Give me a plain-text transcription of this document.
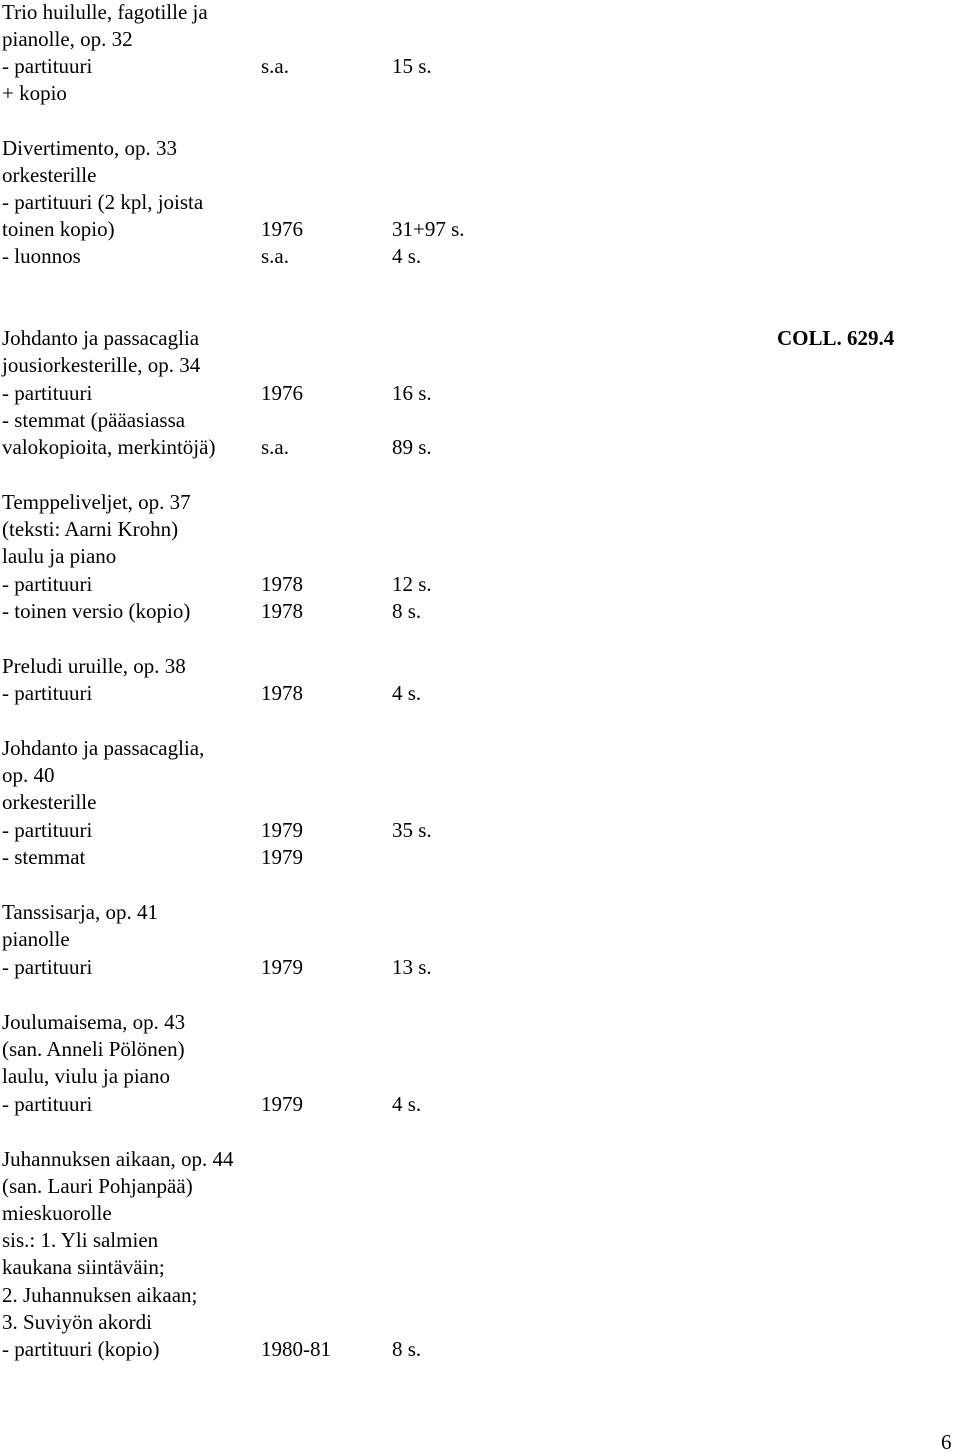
Trio huilulle, fagotille ja
pianolle, op. 32
- partituuri	s.a.	15 s.
+ kopio
Divertimento, op. 33
orkesterille
- partituuri (2 kpl, joista
toinen kopio)	1976	31+97 s.
- luonnos	s.a.	4 s.
Johdanto ja passacaglia
jousiorkesterille, op. 34
- partituuri	1976	16 s.
- stemmat (pääasiassa
valokopioita, merkintöjä) s.a.	89 s.
Temppeliveljet, op. 37
(teksti: Aarni Krohn)
laulu ja piano
- partituuri	1978	12 s.
- toinen versio (kopio)	1978	8 s.
Preludi uruille, op. 38
- partituuri	1978	4 s.
Johdanto ja passacaglia,
op. 40
orkesterille
- partituuri	1979	35 s.
- stemmat	1979
Tanssisarja, op. 41
pianolle
- partituuri	1979	13 s.
Joulumaisema, op. 43
(san. Anneli Pölönen)
laulu, viulu ja piano
- partituuri	1979	4 s.
Juhannuksen aikaan, op. 44
(san. Lauri Pohjanpää)
mieskuorolle
sis.: 1. Yli salmien
kaukana siintäväin;
2. Juhannuksen aikaan;
3. Suviyön akordi
- partituuri (kopio)	1980-81	8 s.
COLL. 629.4
6
